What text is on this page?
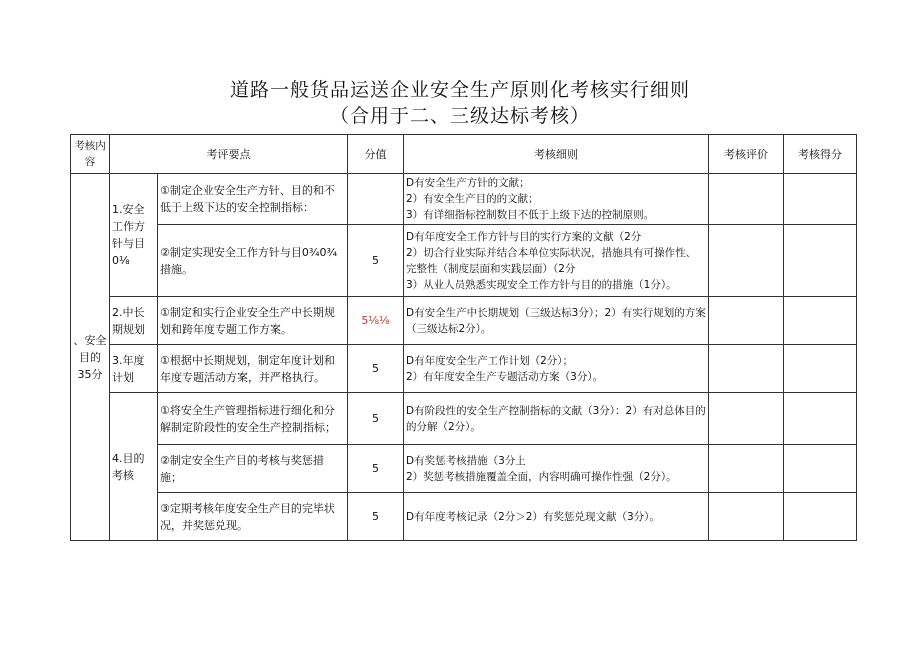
道路一般货品运送企业安全生产原则化考核实行细则
（合用于二、三级达标考核）
考核内容	考评要点		分值	考核细则	考核评价	考核得分
、安全目的35分	1.安全工作方针与目0⅛	①制定企业安全生产方针、目的和不低于上级下达的安全控制指标：		D有安全生产方针的文献；
2）有安全生产目的的文献；
3）有详细指标控制数目不低于上级下达的控制原则。		

		②制定实现安全工作方针与目0¾0¾措施。	5	D有年度安全工作方针与目的实行方案的文献（2分
2）切合行业实际并结合本单位实际状况，措施具有可操作性、完整性（制度层面和实践层面）（2分
3）从业人员熟悉实现安全工作方针与目的的措施（1分）。		

	2.中长期规划	①制定和实行企业安全生产中长期规划和跨年度专题工作方案。	5⅛⅛	D有安全生产中长期规划（三级达标3分）；2）有实行规划的方案（三级达标2分）。		

	3.年度计划	①根据中长期规划，制定年度计划和年度专题活动方案，并严格执行。	5	D有年度安全生产工作计划（2分）；
2）有年度安全生产专题活动方案（3分）。		

	4.目的考核	①将安全生产管理指标进行细化和分解制定阶段性的安全生产控制指标；	5	D有阶段性的安全生产控制指标的文献（3分）：2）有对总体目的的分解（2分）。		

		②制定安全生产目的考核与奖惩措施；	5	D有奖惩考核措施（3分上
2）奖惩考核措施覆盖全面，内容明确可操作性强（2分）。		

		③定期考核年度安全生产目的完毕状况，并奖惩兑现。	5	D有年度考核记录（2分＞2）有奖惩兑现文献（3分）。		
